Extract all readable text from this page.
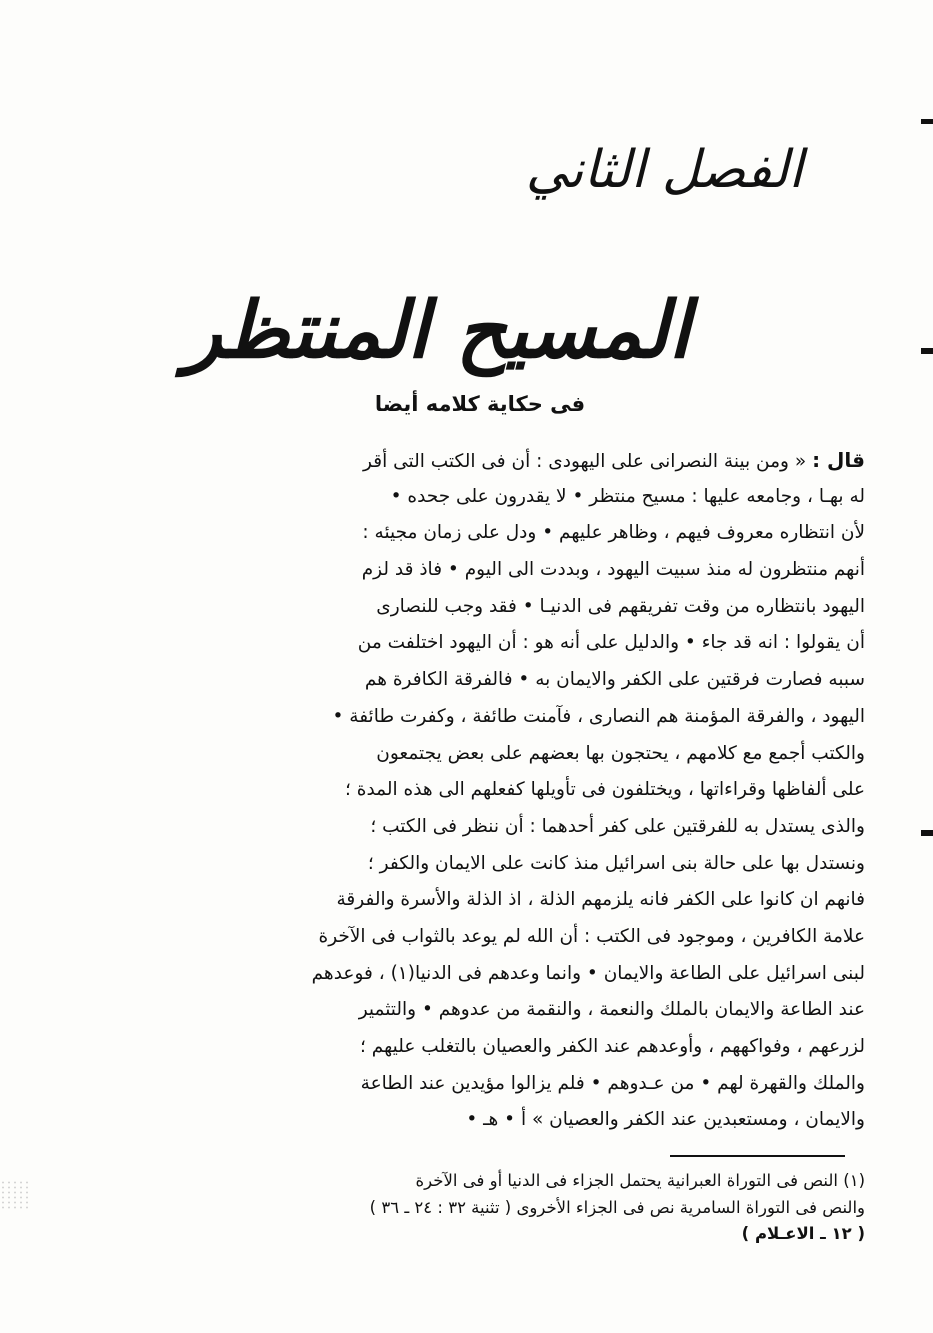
الفصل الثاني
المسيح المنتظر
فى حكاية كلامه أيضا
قال : « ومن بينة النصرانى على اليهودى : أن فى الكتب التى أقر
له بهـا ، وجامعه عليها : مسيح منتظر • لا يقدرون على جحده •
لأن انتظاره معروف فيهم ، وظاهر عليهم • ودل على زمان مجيئه :
أنهم منتظرون له منذ سبيت اليهود ، وبددت الى اليوم • فاذ قد لزم
اليهود بانتظاره من وقت تفريقهم فى الدنيـا • فقد وجب للنصارى
أن يقولوا : انه قد جاء • والدليل على أنه هو : أن اليهود اختلفت من
سببه فصارت فرقتين على الكفر والايمان به • فالفرقة الكافرة هم
اليهود ، والفرقة المؤمنة هم النصارى ، فآمنت طائفة ، وكفرت طائفة •
والكتب أجمع مع كلامهم ، يحتجون بها بعضهم على بعض يجتمعون
على ألفاظها وقراءاتها ، ويختلفون فى تأويلها كفعلهم الى هذه المدة ؛
والذى يستدل به للفرقتين على كفر أحدهما : أن ننظر فى الكتب ؛
ونستدل بها على حالة بنى اسرائيل منذ كانت على الايمان والكفر ؛
فانهم ان كانوا على الكفر فانه يلزمهم الذلة ، اذ الذلة والأسرة والفرقة
علامة الكافرين ، وموجود فى الكتب : أن الله لم يوعد بالثواب فى الآخرة
لبنى اسرائيل على الطاعة والايمان • وانما وعدهم فى الدنيا(١) ، فوعدهم
عند الطاعة والايمان بالملك والنعمة ، والنقمة من عدوهم • والتثمير
لزرعهم ، وفواكههم ، وأوعدهم عند الكفر والعصيان بالتغلب عليهم ؛
والملك والقهرة لهم • من عـدوهم • فلم يزالوا مؤيدين عند الطاعة
والايمان ، ومستعبدين عند الكفر والعصيان » أ • هـ •
(١) النص فى التوراة العبرانية يحتمل الجزاء فى الدنيا أو فى الآخرة
والنص فى التوراة السامرية نص فى الجزاء الأخروى ( تثنية ٣٢ : ٢٤ ـ ٣٦ )
( ١٢ ـ الاعـلام )
